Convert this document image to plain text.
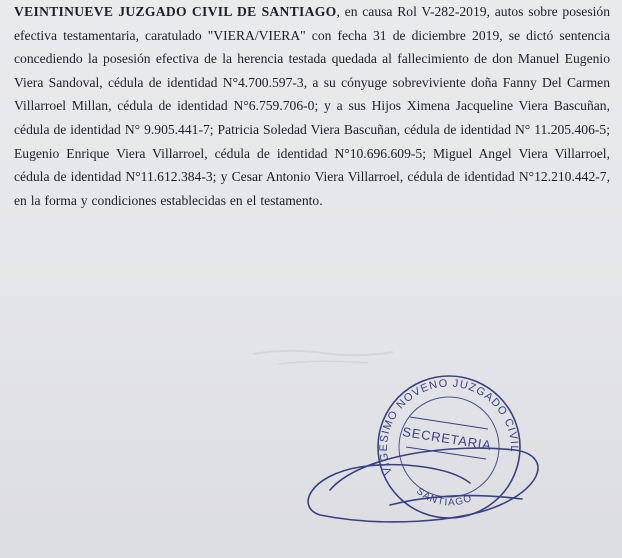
VEINTINUEVE JUZGADO CIVIL DE SANTIAGO, en causa Rol V-282-2019, autos sobre posesión efectiva testamentaria, caratulado "VIERA/VIERA" con fecha 31 de diciembre 2019, se dictó sentencia concediendo la posesión efectiva de la herencia testada quedada al fallecimiento de don Manuel Eugenio Viera Sandoval, cédula de identidad N°4.700.597-3, a su cónyuge sobreviviente doña Fanny Del Carmen Villarroel Millan, cédula de identidad N°6.759.706-0; y a sus Hijos Ximena Jacqueline Viera Bascuñan, cédula de identidad N° 9.905.441-7; Patricia Soledad Viera Bascuñan, cédula de identidad N° 11.205.406-5; Eugenio Enrique Viera Villarroel, cédula de identidad N°10.696.609-5; Miguel Angel Viera Villarroel, cédula de identidad N°11.612.384-3; y Cesar Antonio Viera Villarroel, cédula de identidad N°12.210.442-7, en la forma y condiciones establecidas en el testamento.

VIGESIMO NOVENO JUZGADO CIVIL
SECRETARIA
SANTIAGO
